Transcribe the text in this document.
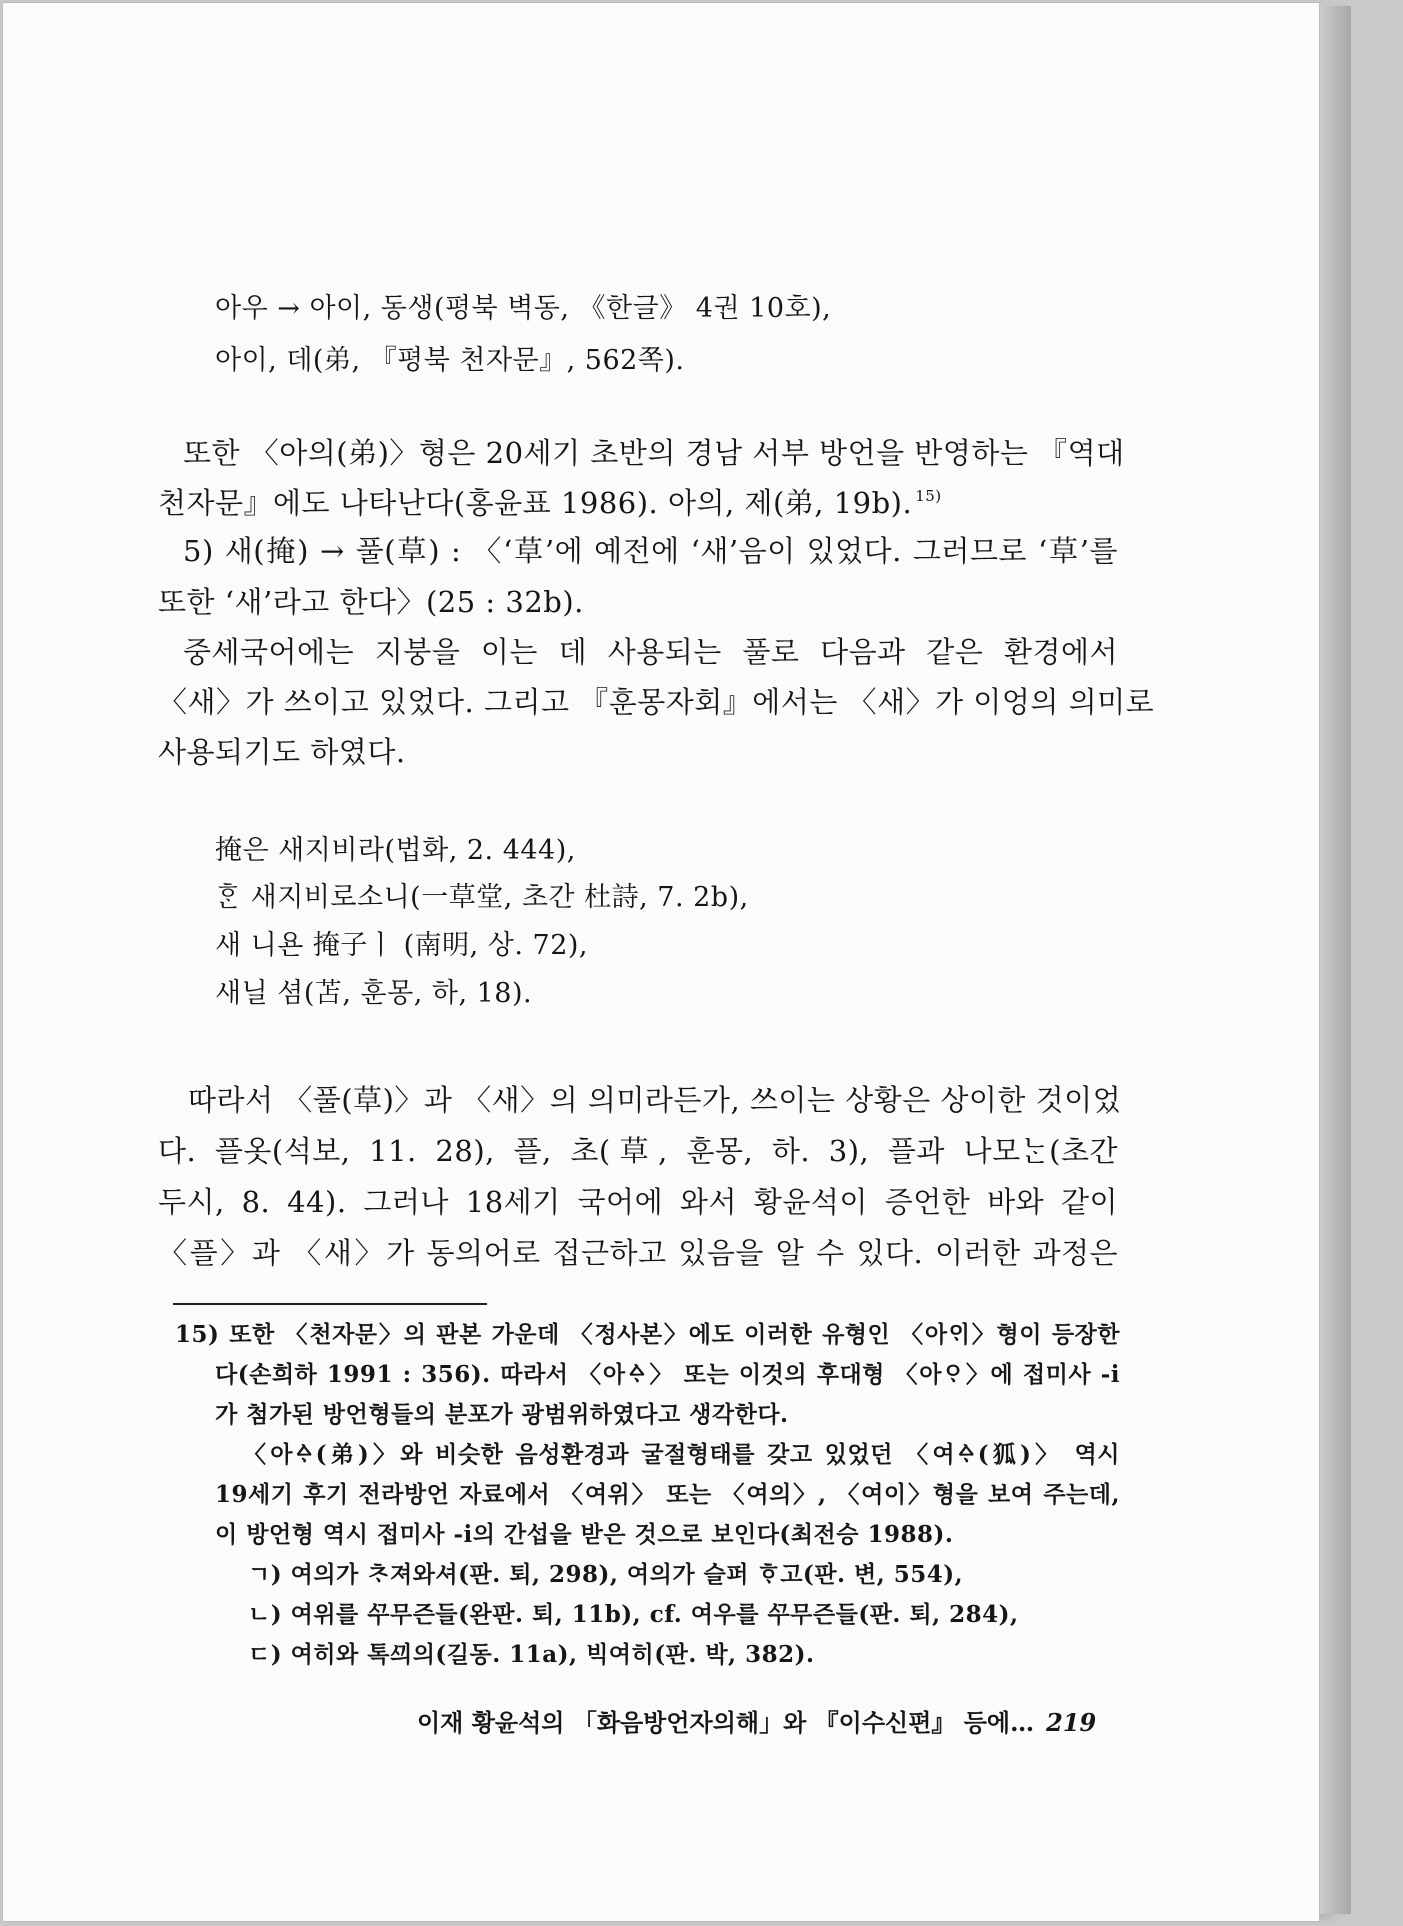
아우 → 아이, 동생(평북 벽동, 《한글》 4권 10호),
아이, 데(弟, 『평북 천자문』, 562쪽).
또한 〈아의(弟)〉형은 20세기 초반의 경남 서부 방언을 반영하는 『역대
천자문』에도 나타난다(홍윤표 1986). 아의, 제(弟, 19b). $^{15)}$
5) 새(掩) → 풀(草) : 〈‘草’에 예전에 ‘새’음이 있었다. 그러므로 ‘草’를
또한 ‘새’라고 한다〉(25 : 32b).
중세국어에는 지붕을 이는 데 사용되는 풀로 다음과 같은 환경에서
〈새〉가 쓰이고 있었다. 그리고 『훈몽자회』에서는 〈새〉가 이엉의 의미로
사용되기도 하였다.
掩은 새지비라(법화, 2. 444),
ᄒᆞᆫ 새지비로소니(一草堂, 초간 杜詩, 7. 2b),
새 니욘 掩子ㅣ (南明, 상. 72),
새닐 셤(苫, 훈몽, 하, 18).
따라서 〈풀(草)〉과 〈새〉의 의미라든가, 쓰이는 상황은 상이한 것이었
다. 플옷(석보, 11. 28), 플, 초(草, 훈몽, 하. 3), 플과 나모ᄂᆞᆫ(초간
두시, 8. 44). 그러나 18세기 국어에 와서 황윤석이 증언한 바와 같이
〈플〉과 〈새〉가 동의어로 접근하고 있음을 알 수 있다. 이러한 과정은
15) 또한 〈천자문〉의 판본 가운데 〈정사본〉에도 이러한 유형인 〈아ᄋᆡ〉형이 등장한
다(손희하 1991 : 356). 따라서 〈아ᅀᆞ〉 또는 이것의 후대형 〈아ᄋᆞ〉에 접미사 -i
가 첨가된 방언형들의 분포가 광범위하였다고 생각한다.
〈아ᅀᆞ(弟)〉와 비슷한 음성환경과 굴절형태를 갖고 있었던 〈여ᅀᆞ(狐)〉 역시
19세기 후기 전라방언 자료에서 〈여위〉 또는 〈여의〉, 〈여이〉형을 보여 주는데,
이 방언형 역시 접미사 -i의 간섭을 받은 것으로 보인다(최전승 1988).
ㄱ) 여의가 ᄎᆞ져와셔(판. 퇴, 298), 여의가 슬퍼 ᄒᆞ고(판. 변, 554),
ㄴ) 여위를 ᄭᅮ무즌들(완판. 퇴, 11b), cf. 여우를 ᄭᅮ무즌들(판. 퇴, 284),
ㄷ) 여히와 톡ᄭᅴ의(길동. 11a), 빅여히(판. 박, 382).
이재 황윤석의 「화음방언자의해」와 『이수신편』 등에… 219
